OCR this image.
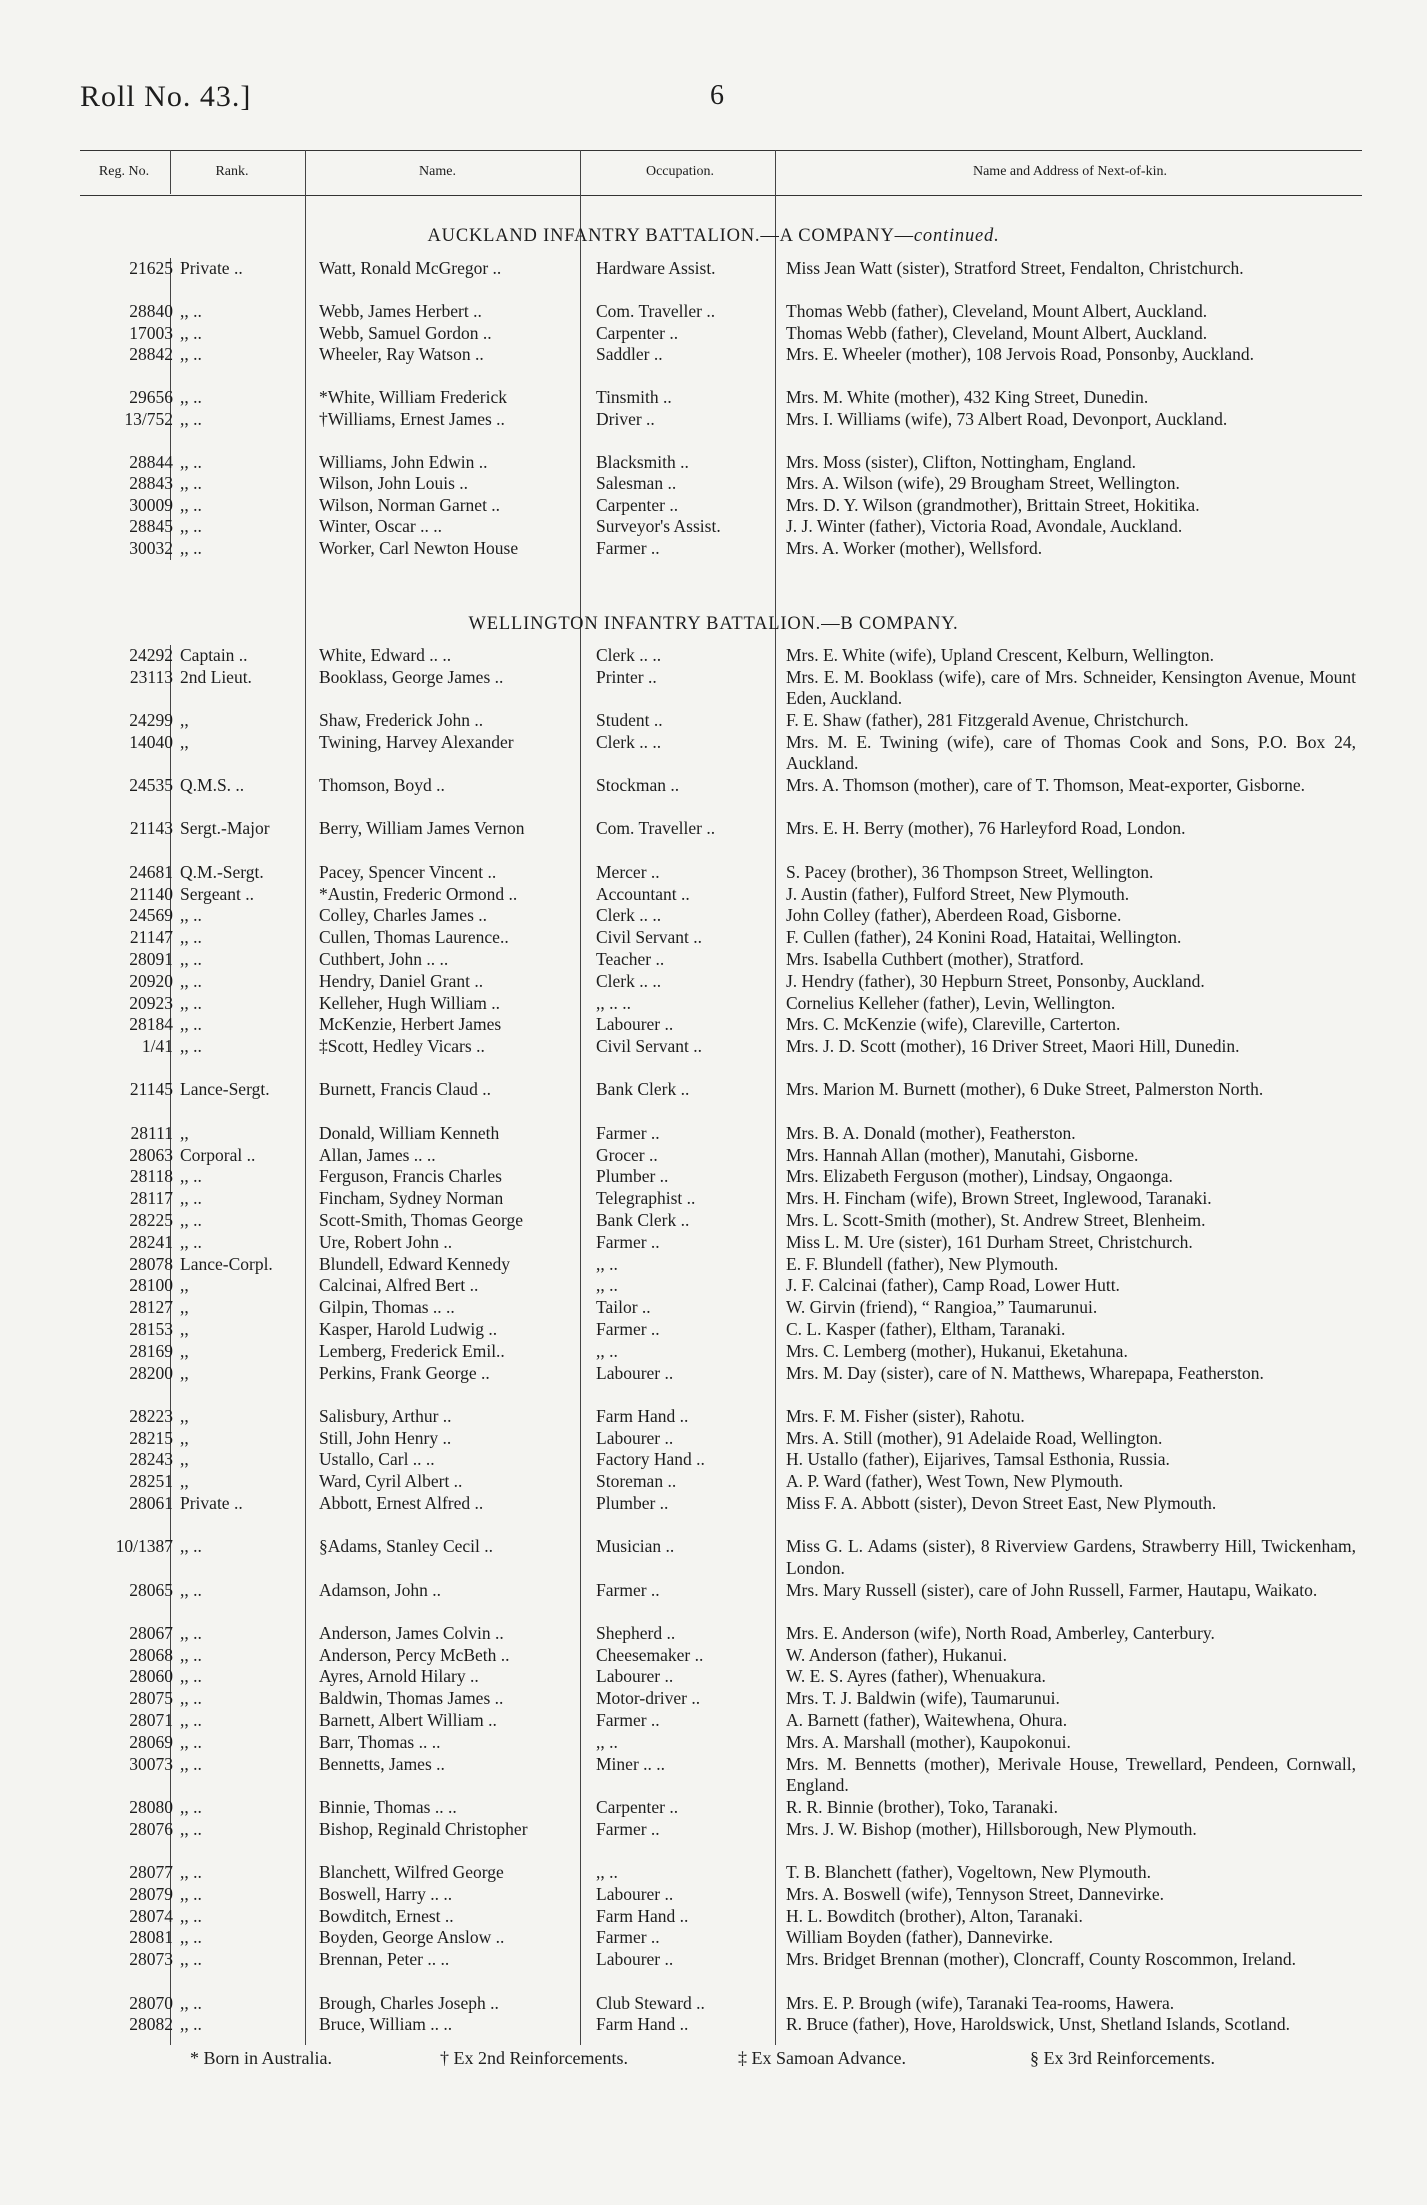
Roll No. 43.]	6
Reg. No.	Rank.	Name.	Occupation.	Name and Address of Next-of-kin.
AUCKLAND INFANTRY BATTALION.—A COMPANY—continued.
21625 Private ..	Watt, Ronald McGregor ..	Hardware Assist.	Miss Jean Watt (sister), Stratford Street, Fendalton, Christchurch.
28840 ,, ..	Webb, James Herbert ..	Com. Traveller ..	Thomas Webb (father), Cleveland, Mount Albert, Auckland.
17003 ,, ..	Webb, Samuel Gordon ..	Carpenter ..	Thomas Webb (father), Cleveland, Mount Albert, Auckland.
28842 ,, ..	Wheeler, Ray Watson ..	Saddler ..	Mrs. E. Wheeler (mother), 108 Jervois Road, Ponsonby, Auckland.
29656 ,, ..	*White, William Frederick	Tinsmith ..	Mrs. M. White (mother), 432 King Street, Dunedin.
13/752 ,, ..	†Williams, Ernest James ..	Driver ..	Mrs. I. Williams (wife), 73 Albert Road, Devonport, Auckland.
28844 ,, ..	Williams, John Edwin ..	Blacksmith ..	Mrs. Moss (sister), Clifton, Nottingham, England.
28843 ,, ..	Wilson, John Louis ..	Salesman ..	Mrs. A. Wilson (wife), 29 Brougham Street, Wellington.
30009 ,, ..	Wilson, Norman Garnet ..	Carpenter ..	Mrs. D. Y. Wilson (grandmother), Brittain Street, Hokitika.
28845 ,, ..	Winter, Oscar .. ..	Surveyor's Assist.	J. J. Winter (father), Victoria Road, Avondale, Auckland.
30032 ,, ..	Worker, Carl Newton House	Farmer ..	Mrs. A. Worker (mother), Wellsford.
WELLINGTON INFANTRY BATTALION.—B COMPANY.
24292 Captain ..	White, Edward .. ..	Clerk .. ..	Mrs. E. White (wife), Upland Crescent, Kelburn, Wellington.
23113 2nd Lieut.	Booklass, George James ..	Printer ..	Mrs. E. M. Booklass (wife), care of Mrs. Schneider, Kensington Avenue, Mount Eden, Auckland.
24299 ,,	Shaw, Frederick John ..	Student ..	F. E. Shaw (father), 281 Fitzgerald Avenue, Christchurch.
14040 ,,	Twining, Harvey Alexander	Clerk .. ..	Mrs. M. E. Twining (wife), care of Thomas Cook and Sons, P.O. Box 24, Auckland.
24535 Q.M.S. ..	Thomson, Boyd ..	Stockman ..	Mrs. A. Thomson (mother), care of T. Thomson, Meat-exporter, Gisborne.
21143 Sergt.-Major	Berry, William James Vernon	Com. Traveller ..	Mrs. E. H. Berry (mother), 76 Harleyford Road, London.
24681 Q.M.-Sergt.	Pacey, Spencer Vincent ..	Mercer ..	S. Pacey (brother), 36 Thompson Street, Wellington.
21140 Sergeant ..	*Austin, Frederic Ormond ..	Accountant ..	J. Austin (father), Fulford Street, New Plymouth.
24569 ,, ..	Colley, Charles James ..	Clerk .. ..	John Colley (father), Aberdeen Road, Gisborne.
21147 ,, ..	Cullen, Thomas Laurence..	Civil Servant ..	F. Cullen (father), 24 Konini Road, Hataitai, Wellington.
28091 ,, ..	Cuthbert, John .. ..	Teacher ..	Mrs. Isabella Cuthbert (mother), Stratford.
20920 ,, ..	Hendry, Daniel Grant ..	Clerk .. ..	J. Hendry (father), 30 Hepburn Street, Ponsonby, Auckland.
20923 ,, ..	Kelleher, Hugh William ..	,, .. ..	Cornelius Kelleher (father), Levin, Wellington.
28184 ,, ..	McKenzie, Herbert James	Labourer ..	Mrs. C. McKenzie (wife), Clareville, Carterton.
1/41 ,, ..	‡Scott, Hedley Vicars ..	Civil Servant ..	Mrs. J. D. Scott (mother), 16 Driver Street, Maori Hill, Dunedin.
21145 Lance-Sergt.	Burnett, Francis Claud ..	Bank Clerk ..	Mrs. Marion M. Burnett (mother), 6 Duke Street, Palmerston North.
28111 ,,	Donald, William Kenneth	Farmer ..	Mrs. B. A. Donald (mother), Featherston.
28063 Corporal ..	Allan, James .. ..	Grocer ..	Mrs. Hannah Allan (mother), Manutahi, Gisborne.
28118 ,, ..	Ferguson, Francis Charles	Plumber ..	Mrs. Elizabeth Ferguson (mother), Lindsay, Ongaonga.
28117 ,, ..	Fincham, Sydney Norman	Telegraphist ..	Mrs. H. Fincham (wife), Brown Street, Inglewood, Taranaki.
28225 ,, ..	Scott-Smith, Thomas George	Bank Clerk ..	Mrs. L. Scott-Smith (mother), St. Andrew Street, Blenheim.
28241 ,, ..	Ure, Robert John ..	Farmer ..	Miss L. M. Ure (sister), 161 Durham Street, Christchurch.
28078 Lance-Corpl.	Blundell, Edward Kennedy	,, ..	E. F. Blundell (father), New Plymouth.
28100 ,,	Calcinai, Alfred Bert ..	,, ..	J. F. Calcinai (father), Camp Road, Lower Hutt.
28127 ,,	Gilpin, Thomas .. ..	Tailor ..	W. Girvin (friend), “ Rangioa,” Taumarunui.
28153 ,,	Kasper, Harold Ludwig ..	Farmer ..	C. L. Kasper (father), Eltham, Taranaki.
28169 ,,	Lemberg, Frederick Emil..	,, ..	Mrs. C. Lemberg (mother), Hukanui, Eketahuna.
28200 ,,	Perkins, Frank George ..	Labourer ..	Mrs. M. Day (sister), care of N. Matthews, Wharepapa, Featherston.
28223 ,,	Salisbury, Arthur ..	Farm Hand ..	Mrs. F. M. Fisher (sister), Rahotu.
28215 ,,	Still, John Henry ..	Labourer ..	Mrs. A. Still (mother), 91 Adelaide Road, Wellington.
28243 ,,	Ustallo, Carl .. ..	Factory Hand ..	H. Ustallo (father), Eijarives, Tamsal Esthonia, Russia.
28251 ,,	Ward, Cyril Albert ..	Storeman ..	A. P. Ward (father), West Town, New Plymouth.
28061 Private ..	Abbott, Ernest Alfred ..	Plumber ..	Miss F. A. Abbott (sister), Devon Street East, New Plymouth.
10/1387 ,, ..	§Adams, Stanley Cecil ..	Musician ..	Miss G. L. Adams (sister), 8 Riverview Gardens, Strawberry Hill, Twickenham, London.
28065 ,, ..	Adamson, John ..	Farmer ..	Mrs. Mary Russell (sister), care of John Russell, Farmer, Hautapu, Waikato.
28067 ,, ..	Anderson, James Colvin ..	Shepherd ..	Mrs. E. Anderson (wife), North Road, Amberley, Canterbury.
28068 ,, ..	Anderson, Percy McBeth ..	Cheesemaker ..	W. Anderson (father), Hukanui.
28060 ,, ..	Ayres, Arnold Hilary ..	Labourer ..	W. E. S. Ayres (father), Whenuakura.
28075 ,, ..	Baldwin, Thomas James ..	Motor-driver ..	Mrs. T. J. Baldwin (wife), Taumarunui.
28071 ,, ..	Barnett, Albert William ..	Farmer ..	A. Barnett (father), Waitewhena, Ohura.
28069 ,, ..	Barr, Thomas .. ..	,, ..	Mrs. A. Marshall (mother), Kaupokonui.
30073 ,, ..	Bennetts, James ..	Miner .. ..	Mrs. M. Bennetts (mother), Merivale House, Trewellard, Pendeen, Cornwall, England.
28080 ,, ..	Binnie, Thomas .. ..	Carpenter ..	R. R. Binnie (brother), Toko, Taranaki.
28076 ,, ..	Bishop, Reginald Christopher	Farmer ..	Mrs. J. W. Bishop (mother), Hillsborough, New Plymouth.
28077 ,, ..	Blanchett, Wilfred George	,, ..	T. B. Blanchett (father), Vogeltown, New Plymouth.
28079 ,, ..	Boswell, Harry .. ..	Labourer ..	Mrs. A. Boswell (wife), Tennyson Street, Dannevirke.
28074 ,, ..	Bowditch, Ernest ..	Farm Hand ..	H. L. Bowditch (brother), Alton, Taranaki.
28081 ,, ..	Boyden, George Anslow ..	Farmer ..	William Boyden (father), Dannevirke.
28073 ,, ..	Brennan, Peter .. ..	Labourer ..	Mrs. Bridget Brennan (mother), Cloncraff, County Roscommon, Ireland.
28070 ,, ..	Brough, Charles Joseph ..	Club Steward ..	Mrs. E. P. Brough (wife), Taranaki Tea-rooms, Hawera.
28082 ,, ..	Bruce, William .. ..	Farm Hand ..	R. Bruce (father), Hove, Haroldswick, Unst, Shetland Islands, Scotland.
* Born in Australia.	† Ex 2nd Reinforcements.	‡ Ex Samoan Advance.	§ Ex 3rd Reinforcements.
